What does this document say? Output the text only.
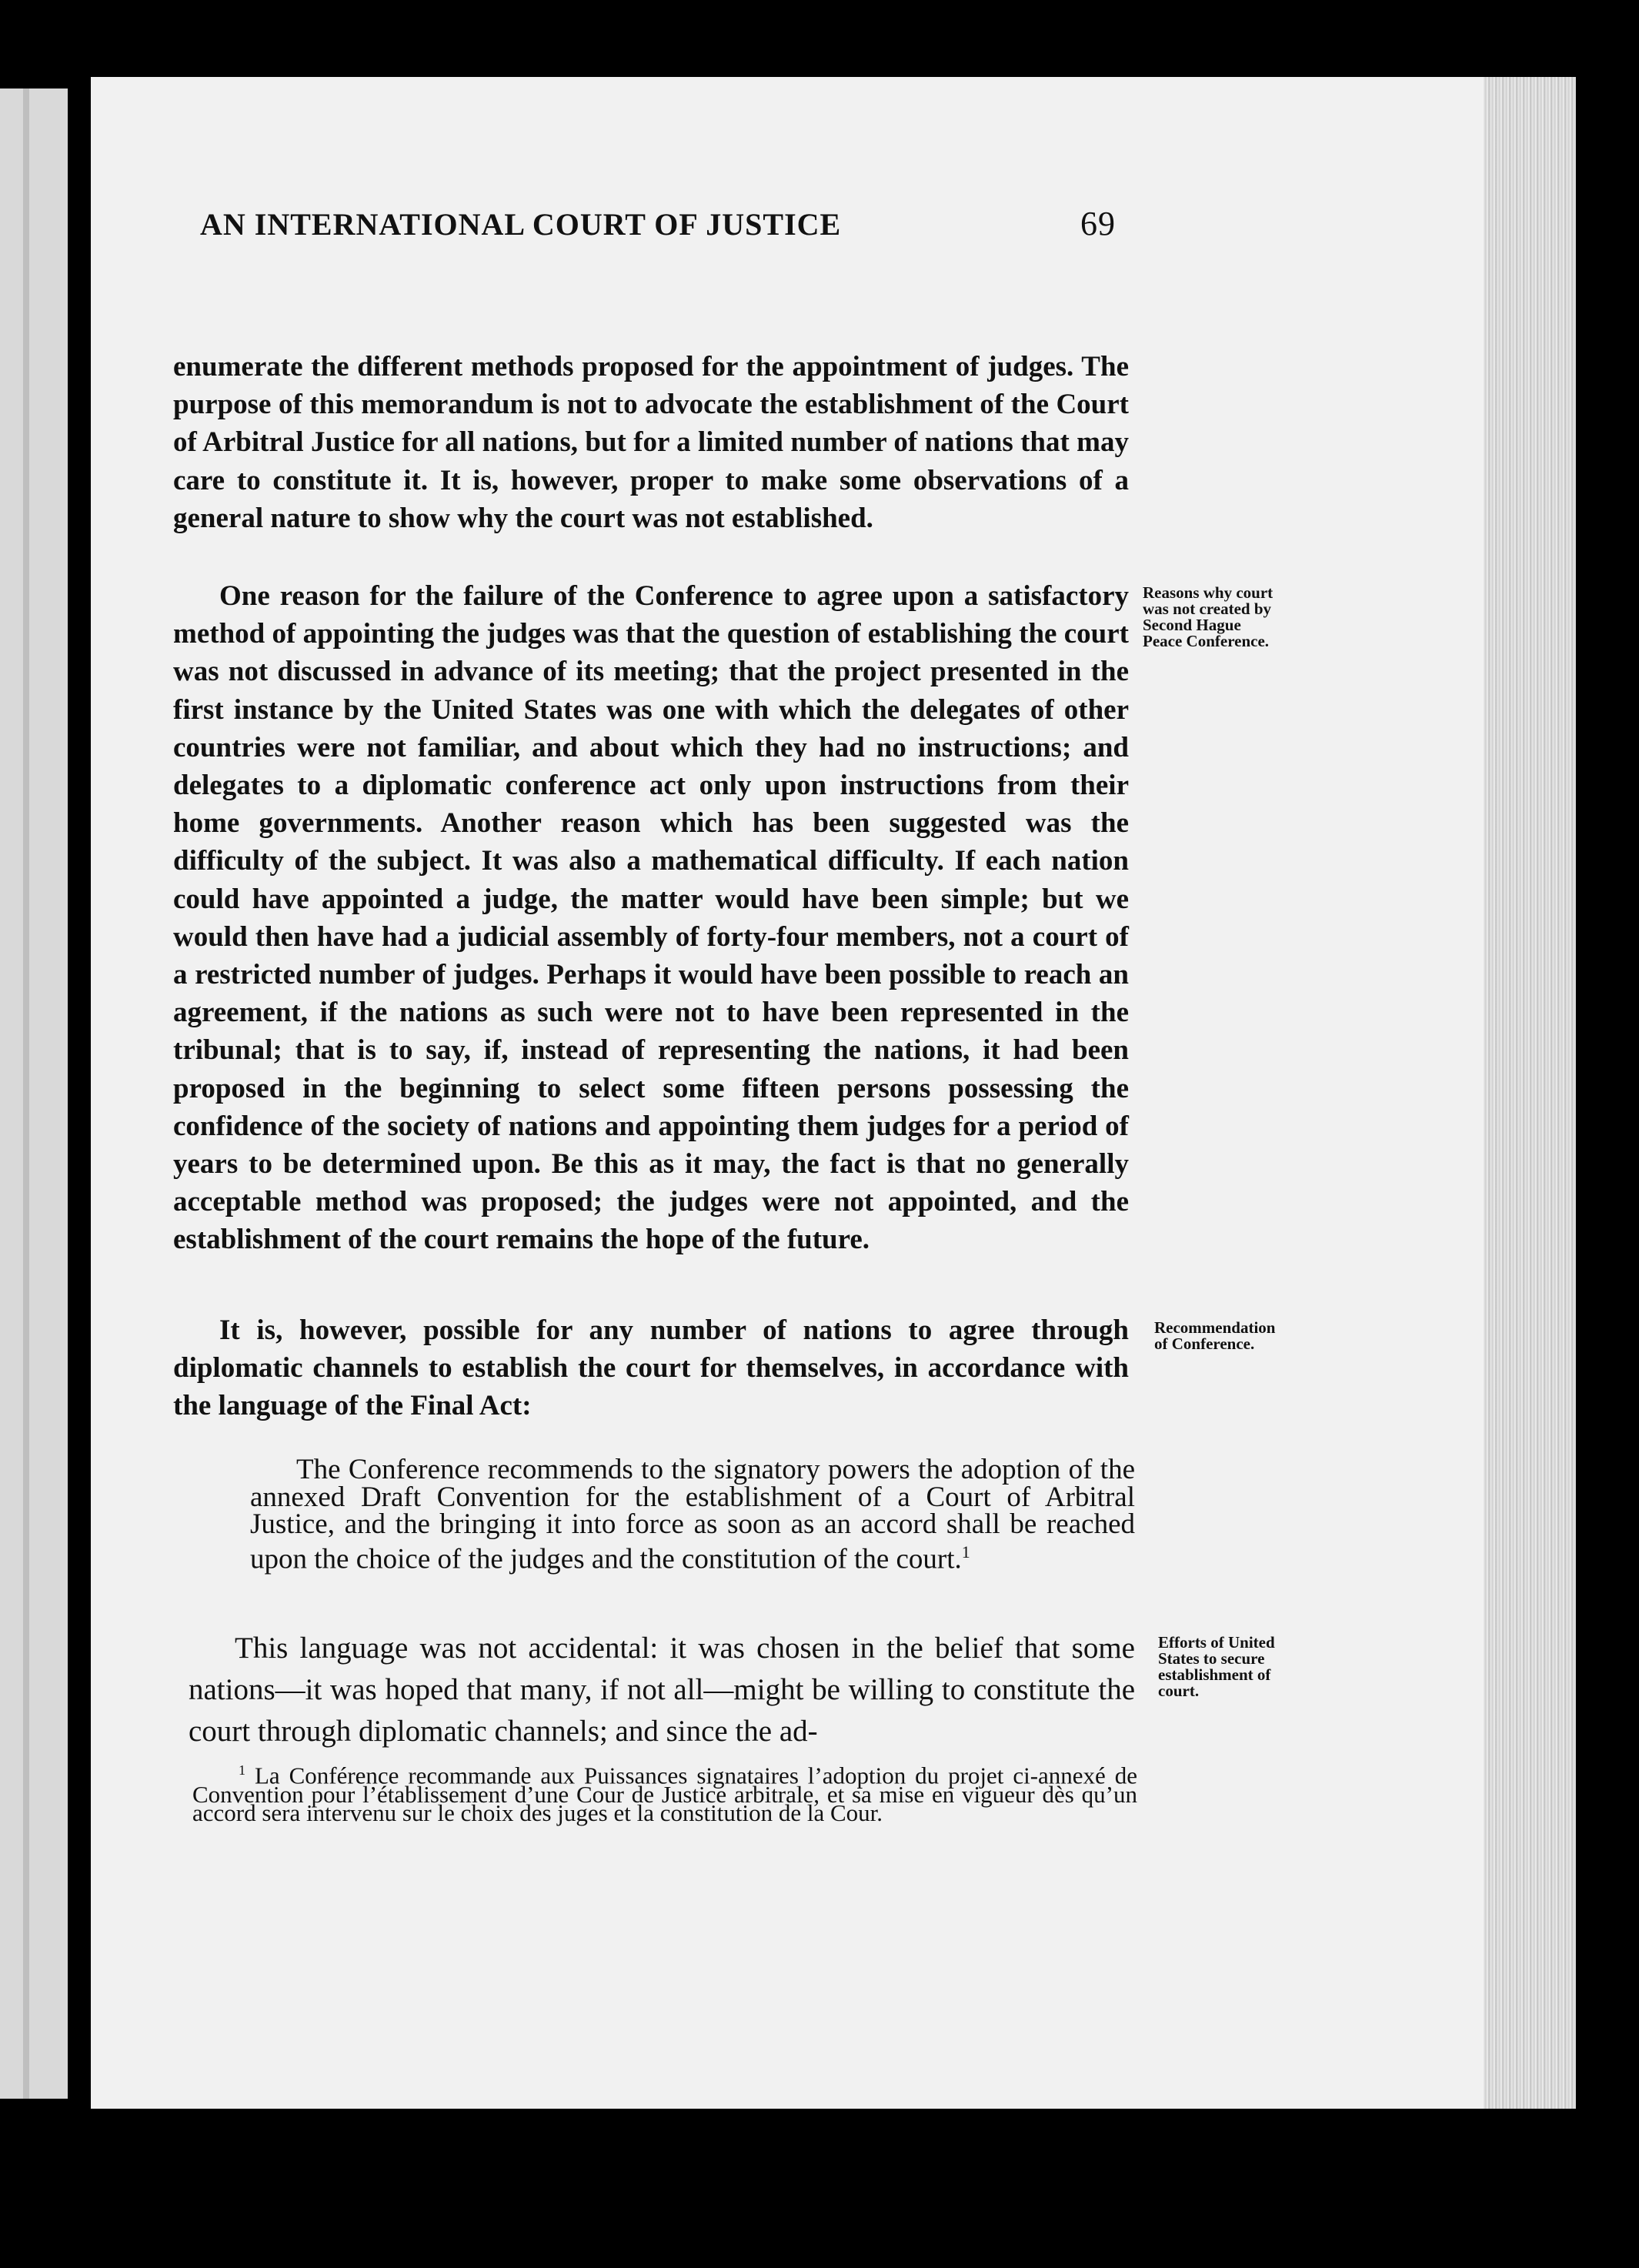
AN INTERNATIONAL COURT OF JUSTICE	69

enumerate the different methods proposed for the appointment of judges. The purpose of this memorandum is not to advocate the establishment of the Court of Arbitral Justice for all nations, but for a limited number of nations that may care to constitute it. It is, however, proper to make some observations of a general nature to show why the court was not established.

One reason for the failure of the Conference to agree upon a satisfactory method of appointing the judges was that the question of establishing the court was not discussed in advance of its meeting; that the project presented in the first instance by the United States was one with which the delegates of other countries were not familiar, and about which they had no instructions; and delegates to a diplomatic conference act only upon instructions from their home governments. Another reason which has been suggested was the difficulty of the subject. It was also a mathematical difficulty. If each nation could have appointed a judge, the matter would have been simple; but we would then have had a judicial assembly of forty-four members, not a court of a restricted number of judges. Perhaps it would have been possible to reach an agreement, if the nations as such were not to have been represented in the tribunal; that is to say, if, instead of representing the nations, it had been proposed in the beginning to select some fifteen persons possessing the confidence of the society of nations and appointing them judges for a period of years to be determined upon. Be this as it may, the fact is that no generally acceptable method was proposed; the judges were not appointed, and the establishment of the court remains the hope of the future.

It is, however, possible for any number of nations to agree through diplomatic channels to establish the court for themselves, in accordance with the language of the Final Act:

The Conference recommends to the signatory powers the adoption of the annexed Draft Convention for the establishment of a Court of Arbitral Justice, and the bringing it into force as soon as an accord shall be reached upon the choice of the judges and the constitution of the court.$^1$
This language was not accidental: it was chosen in the belief that some nations—it was hoped that many, if not all—might be willing to constitute the court through diplomatic channels; and since the ad-
$^1$ La Conférence recommande aux Puissances signataires l’adoption du projet ci-annexé de Convention pour l’établissement d’une Cour de Justice arbitrale, et sa mise en vigueur dès qu’un accord sera intervenu sur le choix des juges et la constitution de la Cour.
Reasons why court was not created by Second Hague Peace Conference.
Recommendation of Conference.
Efforts of United States to secure establishment of court.
